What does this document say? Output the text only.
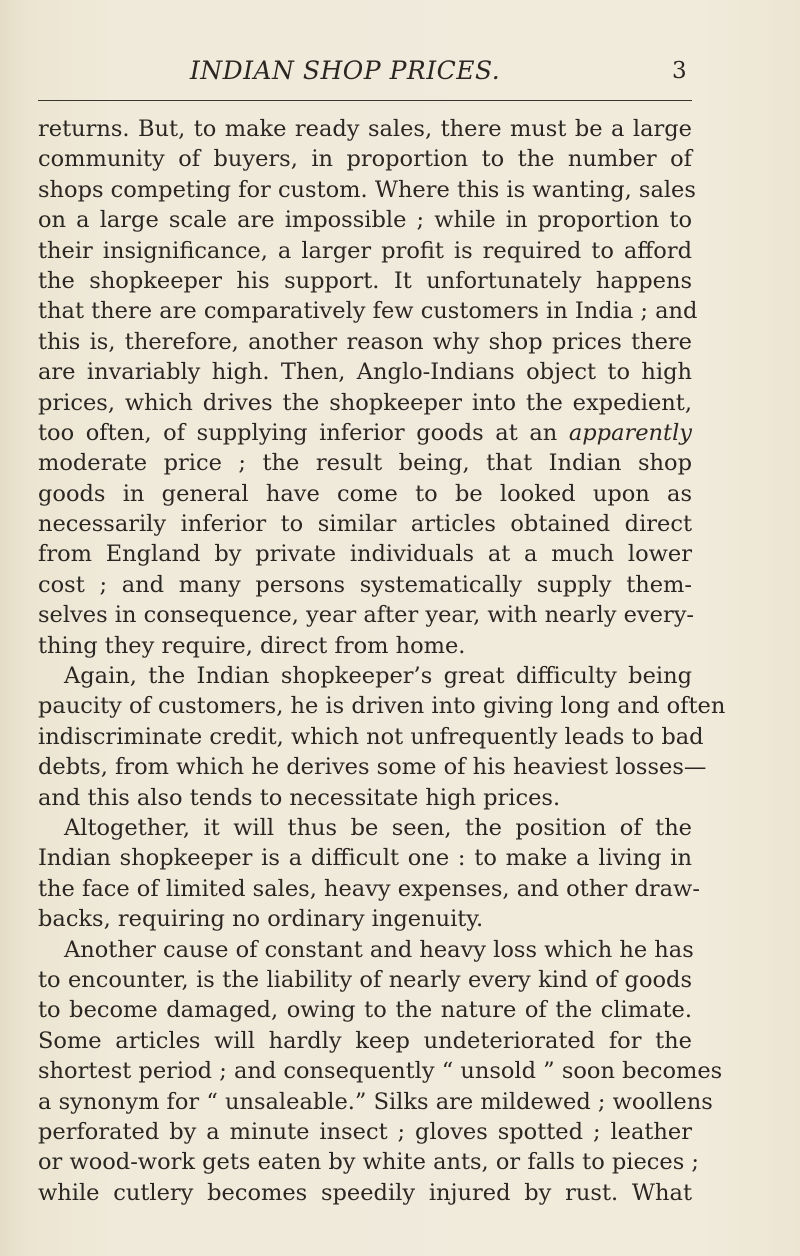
INDIAN SHOP PRICES.	3
returns. But, to make ready sales, there must be a large
community of buyers, in proportion to the number of
shops competing for custom. Where this is wanting, sales
on a large scale are impossible ; while in proportion to
their insignificance, a larger profit is required to afford
the shopkeeper his support. It unfortunately happens
that there are comparatively few customers in India ; and
this is, therefore, another reason why shop prices there
are invariably high. Then, Anglo-Indians object to high
prices, which drives the shopkeeper into the expedient,
too often, of supplying inferior goods at an apparently
moderate price ; the result being, that Indian shop
goods in general have come to be looked upon as
necessarily inferior to similar articles obtained direct
from England by private individuals at a much lower
cost ; and many persons systematically supply them-
selves in consequence, year after year, with nearly every-
thing they require, direct from home.
Again, the Indian shopkeeper’s great difficulty being
paucity of customers, he is driven into giving long and often
indiscriminate credit, which not unfrequently leads to bad
debts, from which he derives some of his heaviest losses—
and this also tends to necessitate high prices.
Altogether, it will thus be seen, the position of the
Indian shopkeeper is a difficult one : to make a living in
the face of limited sales, heavy expenses, and other draw-
backs, requiring no ordinary ingenuity.
Another cause of constant and heavy loss which he has
to encounter, is the liability of nearly every kind of goods
to become damaged, owing to the nature of the climate.
Some articles will hardly keep undeteriorated for the
shortest period ; and consequently “ unsold ” soon becomes
a synonym for “ unsaleable.” Silks are mildewed ; woollens
perforated by a minute insect ; gloves spotted ; leather
or wood-work gets eaten by white ants, or falls to pieces ;
while cutlery becomes speedily injured by rust. What
